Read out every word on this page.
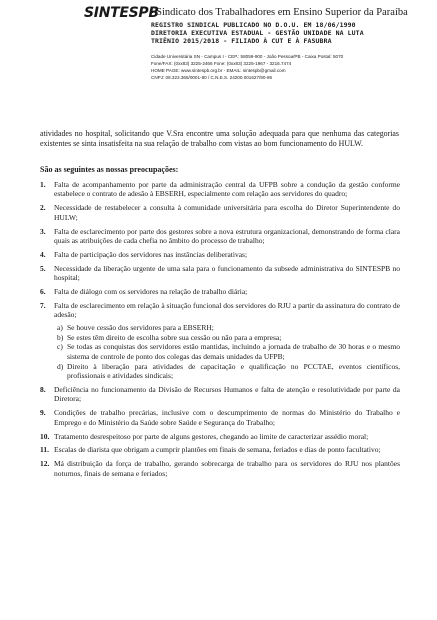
SINTESPB
- Sindicato dos Trabalhadores em Ensino Superior da Paraíba
REGISTRO SINDICAL PUBLICADO NO D.O.U. EM 18/06/1990
DIRETORIA EXECUTIVA ESTADUAL - GESTÃO UNIDADE NA LUTA
TRIÊNIO 2015/2018 - FILIADO À CUT E À FASUBRA
Cidade Universitária SN - Campus I - CEP.: 58059-900 - João Pessoa/PB - Caixa Postal: 5070
Fone/FAX: (0xx83) 3225-2466 Fone: (0xx83) 3225-1967 - 3216.7474
HOME PAGE: www.sintespb.org.br - EMAIL: sintespb@gmail.com
CNPJ: 08.323.365/0001-80 / C.N.E.S. 24200.001627/90-86

atividades no hospital, solicitando que V.Sra encontre uma solução adequada para que nenhuma das categorias existentes se sinta insatisfeita na sua relação de trabalho com vistas ao bom funcionamento do HULW.

São as seguintes as nossas preocupações:
1. Falta de acompanhamento por parte da administração central da UFPB sobre a condução da gestão conforme estabelece o contrato de adesão à EBSERH, especialmente com relação aos servidores do quadro;
2. Necessidade de restabelecer a consulta à comunidade universitária para escolha do Diretor Superintendente do HULW;
3. Falta de esclarecimento por parte dos gestores sobre a nova estrutura organizacional, demonstrando de forma clara quais as atribuições de cada chefia no âmbito do processo de trabalho;
4. Falta de participação dos servidores nas instâncias deliberativas;
5. Necessidade da liberação urgente de uma sala para o funcionamento da subsede administrativa do SINTESPB no hospital;
6. Falta de diálogo com os servidores na relação de trabalho diária;
7. Falta de esclarecimento em relação à situação funcional dos servidores do RJU a partir da assinatura do contrato de adesão;
a) Se houve cessão dos servidores para a EBSERH;
b) Se estes têm direito de escolha sobre sua cessão ou não para a empresa;
c) Se todas as conquistas dos servidores estão mantidas, incluindo a jornada de trabalho de 30 horas e o mesmo sistema de controle de ponto dos colegas das demais unidades da UFPB;
d) Direito à liberação para atividades de capacitação e qualificação no PCCTAE, eventos científicos, profissionais e atividades sindicais;
8. Deficiência no funcionamento da Divisão de Recursos Humanos e falta de atenção e resolutividade por parte da Diretora;
9. Condições de trabalho precárias, inclusive com o descumprimento de normas do Ministério do Trabalho e Emprego e do Ministério da Saúde sobre Saúde e Segurança do Trabalho;
10. Tratamento desrespeitoso por parte de alguns gestores, chegando ao limite de caracterizar assédio moral;
11. Escalas de diarista que obrigam a cumprir plantões em finais de semana, feriados e dias de ponto facultativo;
12. Má distribuição da força de trabalho, gerando sobrecarga de trabalho para os servidores do RJU nos plantões noturnos, finais de semana e feriados;
